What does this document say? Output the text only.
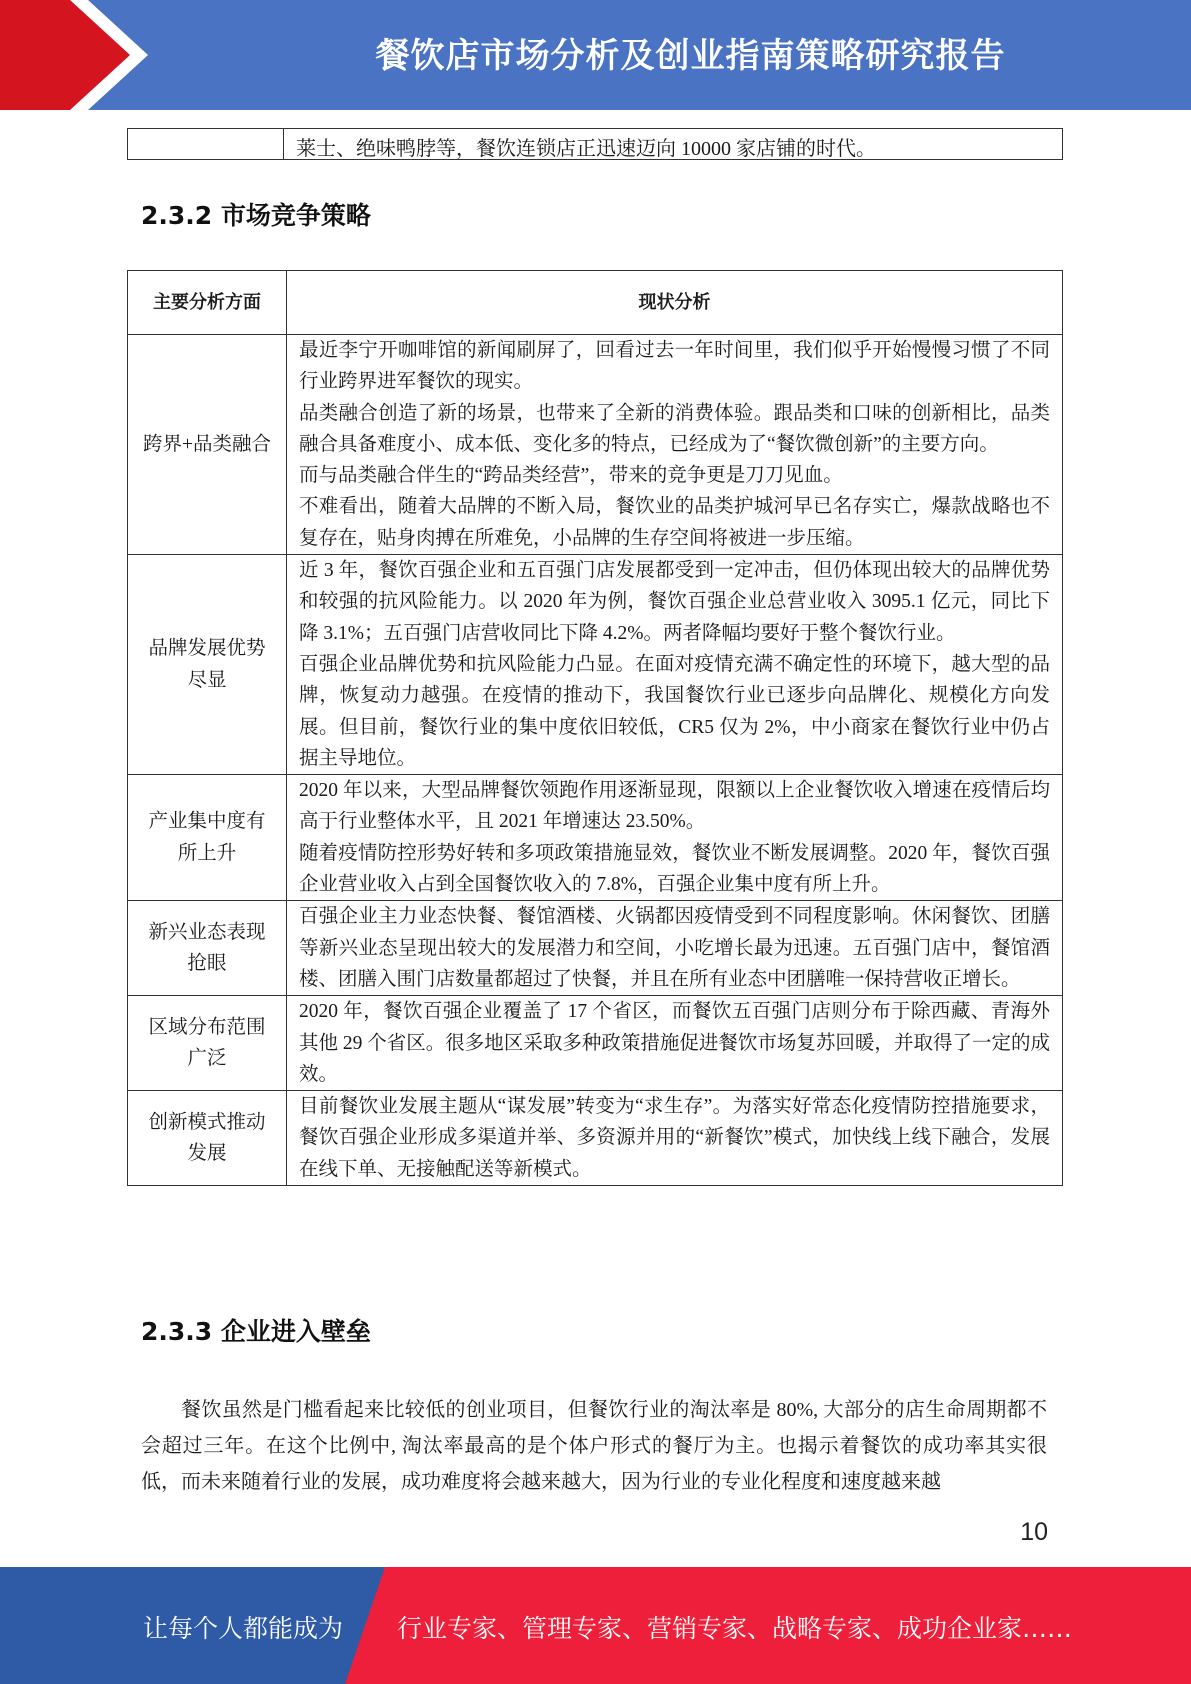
餐饮店市场分析及创业指南策略研究报告
莱士、绝味鸭脖等，餐饮连锁店正迅速迈向 10000 家店铺的时代。
2.3.2 市场竞争策略
主要分析方面	现状分析
跨界+品类融合	最近李宁开咖啡馆的新闻刷屏了，回看过去一年时间里，我们似乎开始慢慢习惯了不同行业跨界进军餐饮的现实。
品类融合创造了新的场景，也带来了全新的消费体验。跟品类和口味的创新相比，品类融合具备难度小、成本低、变化多的特点，已经成为了“餐饮微创新”的主要方向。
而与品类融合伴生的“跨品类经营”，带来的竞争更是刀刀见血。
不难看出，随着大品牌的不断入局，餐饮业的品类护城河早已名存实亡，爆款战略也不复存在，贴身肉搏在所难免，小品牌的生存空间将被进一步压缩。

品牌发展优势尽显	近 3 年，餐饮百强企业和五百强门店发展都受到一定冲击，但仍体现出较大的品牌优势和较强的抗风险能力。以 2020 年为例，餐饮百强企业总营业收入 3095.1 亿元，同比下降 3.1%；五百强门店营收同比下降 4.2%。两者降幅均要好于整个餐饮行业。
百强企业品牌优势和抗风险能力凸显。在面对疫情充满不确定性的环境下，越大型的品牌，恢复动力越强。在疫情的推动下，我国餐饮行业已逐步向品牌化、规模化方向发展。但目前，餐饮行业的集中度依旧较低，CR5 仅为 2%，中小商家在餐饮行业中仍占据主导地位。

产业集中度有所上升	2020 年以来，大型品牌餐饮领跑作用逐渐显现，限额以上企业餐饮收入增速在疫情后均高于行业整体水平，且 2021 年增速达 23.50%。
随着疫情防控形势好转和多项政策措施显效，餐饮业不断发展调整。2020 年，餐饮百强企业营业收入占到全国餐饮收入的 7.8%，百强企业集中度有所上升。

新兴业态表现抢眼	百强企业主力业态快餐、餐馆酒楼、火锅都因疫情受到不同程度影响。休闲餐饮、团膳等新兴业态呈现出较大的发展潜力和空间，小吃增长最为迅速。五百强门店中，餐馆酒楼、团膳入围门店数量都超过了快餐，并且在所有业态中团膳唯一保持营收正增长。

区域分布范围广泛	2020 年，餐饮百强企业覆盖了 17 个省区，而餐饮五百强门店则分布于除西藏、青海外其他 29 个省区。很多地区采取多种政策措施促进餐饮市场复苏回暖，并取得了一定的成效。

创新模式推动发展	目前餐饮业发展主题从“谋发展”转变为“求生存”。为落实好常态化疫情防控措施要求，餐饮百强企业形成多渠道并举、多资源并用的“新餐饮”模式，加快线上线下融合，发展在线下单、无接触配送等新模式。
2.3.3 企业进入壁垒

餐饮虽然是门槛看起来比较低的创业项目，但餐饮行业的淘汰率是 80%, 大部分的店生命周期都不会超过三年。在这个比例中, 淘汰率最高的是个体户形式的餐厅为主。也揭示着餐饮的成功率其实很低，而未来随着行业的发展，成功难度将会越来越大，因为行业的专业化程度和速度越来越

10
让每个人都能成为 行业专家、管理专家、营销专家、战略专家、成功企业家……
